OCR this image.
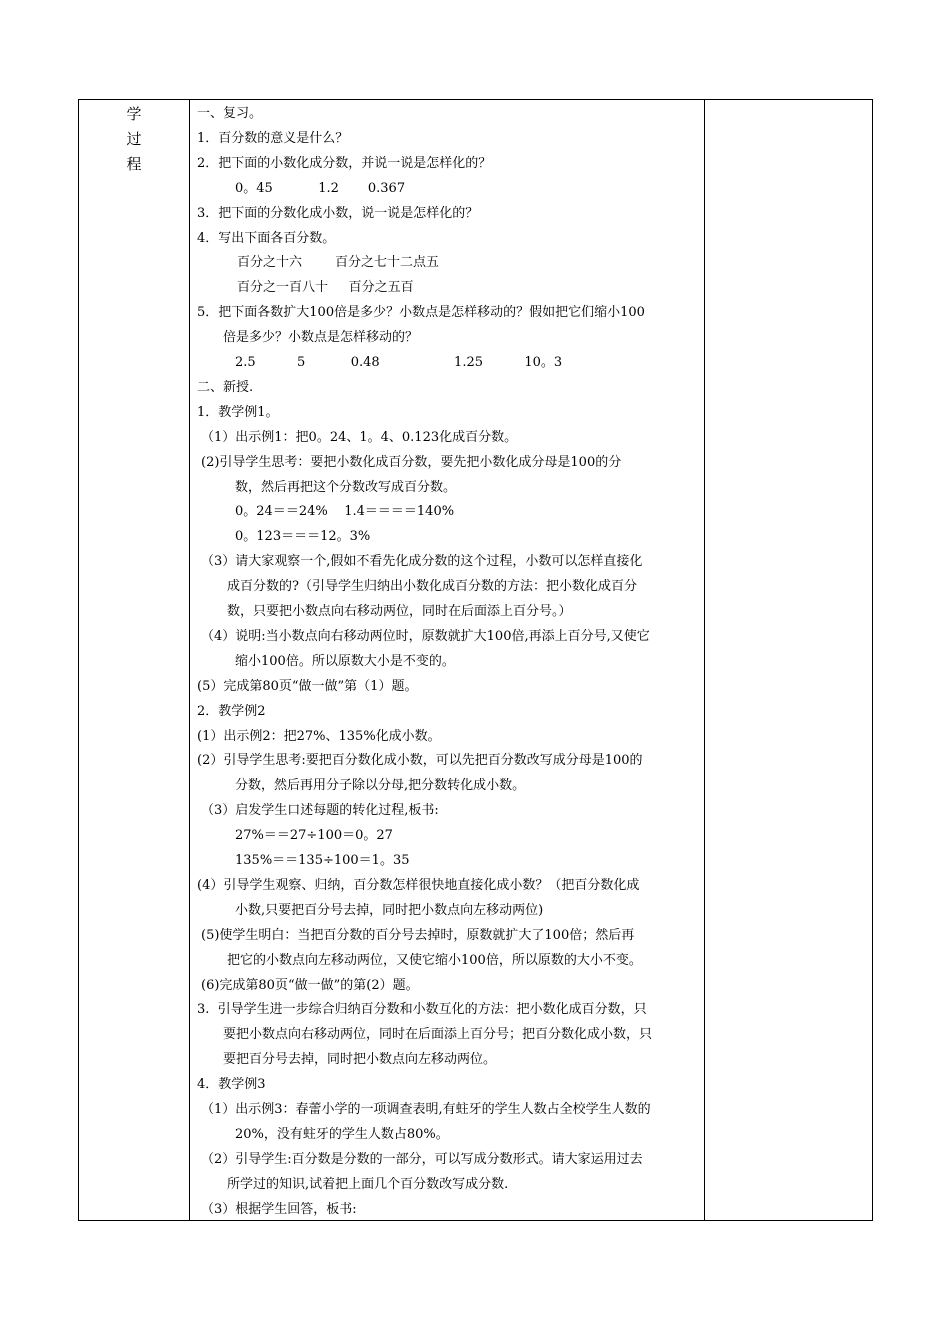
学
过
程
一、复习。
1．百分数的意义是什么？
2．把下面的小数化成分数，并说一说是怎样化的？
0。45           1.2       0.367
3．把下面的分数化成小数，说一说是怎样化的？
4．写出下面各百分数。
百分之十六        百分之七十二点五
百分之一百八十     百分之五百
5．把下面各数扩大100倍是多少？小数点是怎样移动的？假如把它们缩小100
倍是多少？小数点是怎样移动的？
2.5          5           0.48                  1.25          10。3
二、新授.
1．教学例1。
（1）出示例1：把0。24、1。4、0.123化成百分数。
(2)引导学生思考：要把小数化成百分数，要先把小数化成分母是100的分
数，然后再把这个分数改写成百分数。
0。24＝＝24%    1.4＝＝＝＝140%
0。123＝＝＝12。3%
（3）请大家观察一个,假如不看先化成分数的这个过程，小数可以怎样直接化
成百分数的?（引导学生归纳出小数化成百分数的方法：把小数化成百分
数，只要把小数点向右移动两位，同时在后面添上百分号。）
（4）说明:当小数点向右移动两位时，原数就扩大100倍,再添上百分号,又使它
缩小100倍。所以原数大小是不变的。
(5）完成第80页“做一做”第（1）题。
2．教学例2
(1）出示例2：把27%、135%化成小数。
(2）引导学生思考:要把百分数化成小数，可以先把百分数改写成分母是100的
分数，然后再用分子除以分母,把分数转化成小数。
（3）启发学生口述每题的转化过程,板书:
27%＝＝27÷100＝0。27
135%＝＝135÷100＝1。35
(4）引导学生观察、归纳，百分数怎样很快地直接化成小数？（把百分数化成
小数,只要把百分号去掉，同时把小数点向左移动两位)
(5)使学生明白：当把百分数的百分号去掉时，原数就扩大了100倍；然后再
把它的小数点向左移动两位，又使它缩小100倍，所以原数的大小不变。
(6)完成第80页“做一做”的第(2）题。
3.  引导学生进一步综合归纳百分数和小数互化的方法：把小数化成百分数，只
要把小数点向右移动两位，同时在后面添上百分号；把百分数化成小数，只
要把百分号去掉，同时把小数点向左移动两位。
4．教学例3
（1）出示例3：春蕾小学的一项调查表明,有蛀牙的学生人数占全校学生人数的
20%，没有蛀牙的学生人数占80%。
（2）引导学生:百分数是分数的一部分，可以写成分数形式。请大家运用过去
所学过的知识,试着把上面几个百分数改写成分数.
（3）根据学生回答，板书:
